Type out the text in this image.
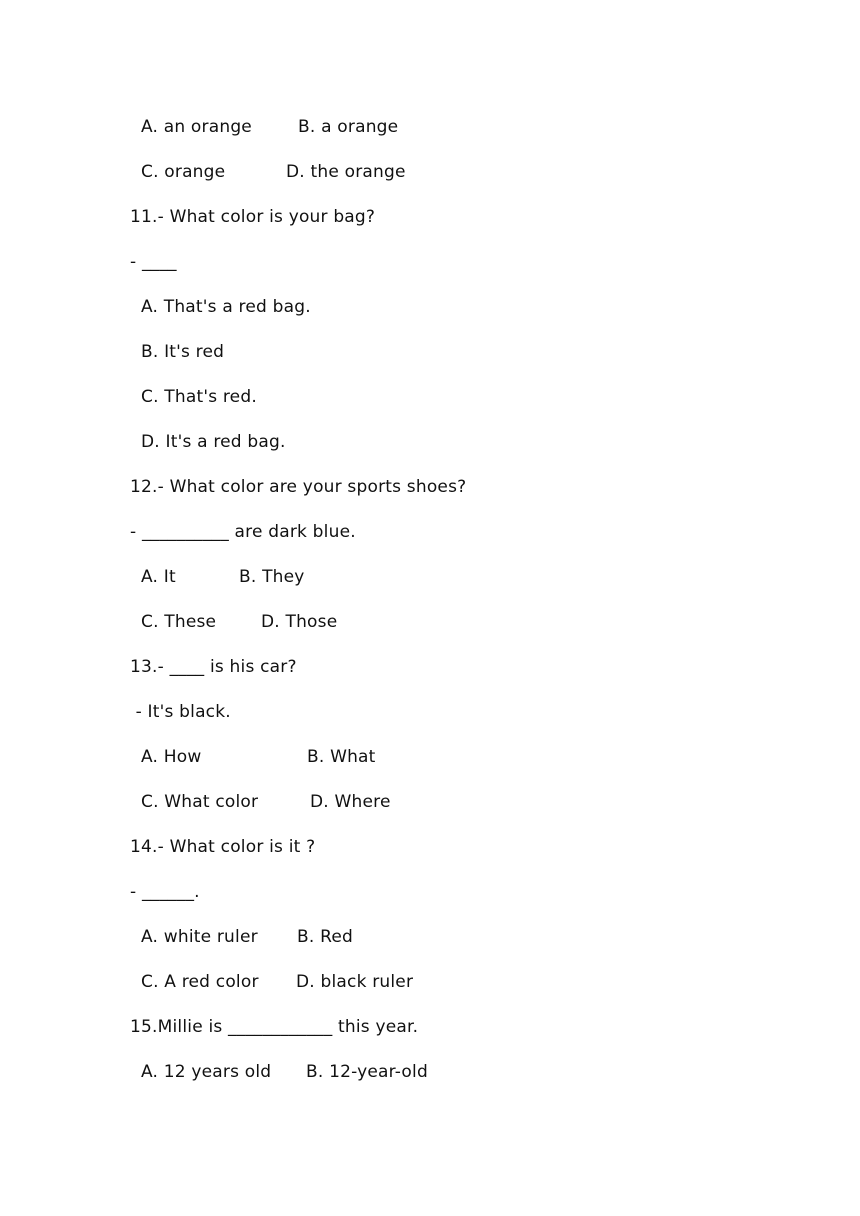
A. an orange	B. a orange
C. orange	D. the orange
11.- What color is your bag?
- ____
A. That's a red bag.
B. It's red
C. That's red.
D. It's a red bag.
12.- What color are your sports shoes?
- __________ are dark blue.
A. It	B. They
C. These	D. Those
13.- ____ is his car?
- It's black.
A. How	B. What
C. What color	D. Where
14.- What color is it ?
- ______.
A. white ruler B. Red
C. A red color D. black ruler
15.Millie is ____________ this year.
A. 12 years old B. 12-year-old
